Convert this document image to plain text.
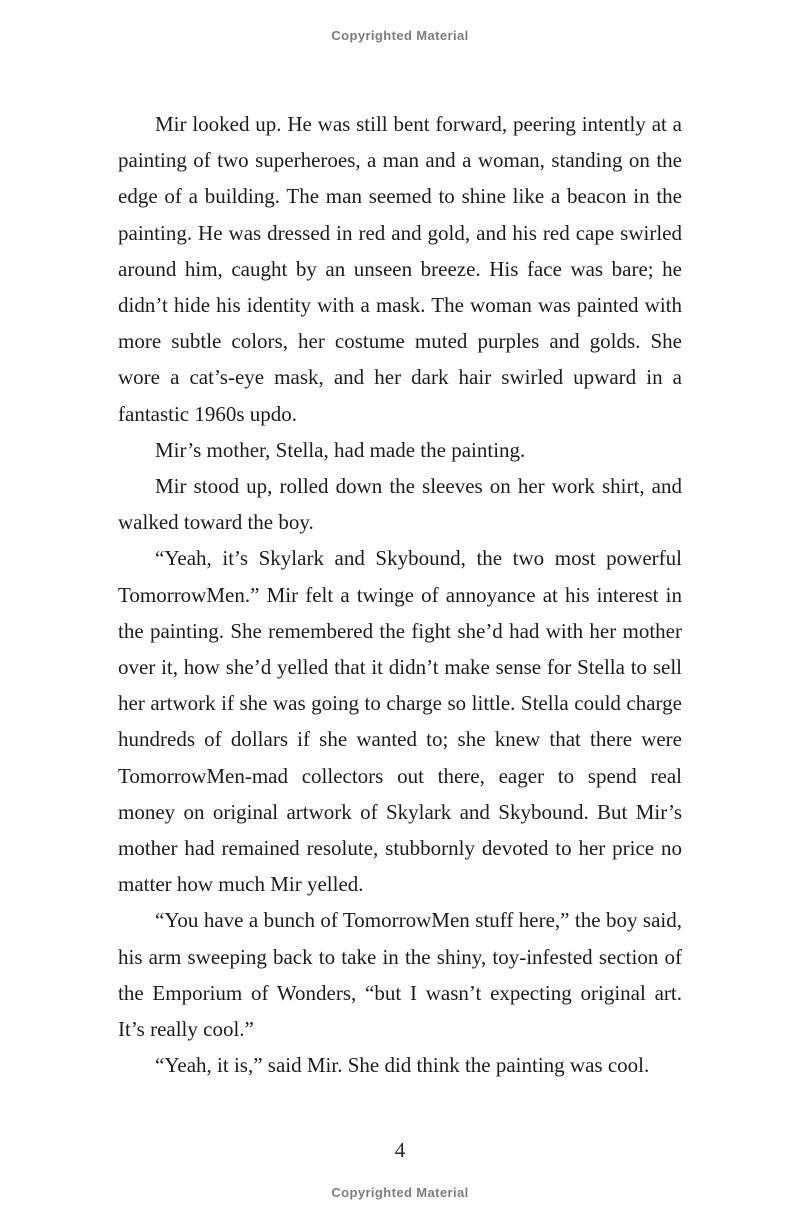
Copyrighted Material

Mir looked up. He was still bent forward, peering intently at a painting of two superheroes, a man and a woman, standing on the edge of a building. The man seemed to shine like a beacon in the painting. He was dressed in red and gold, and his red cape swirled around him, caught by an unseen breeze. His face was bare; he didn’t hide his identity with a mask. The woman was painted with more subtle colors, her costume muted purples and golds. She wore a cat’s-eye mask, and her dark hair swirled upward in a fantastic 1960s updo.

Mir’s mother, Stella, had made the painting.

Mir stood up, rolled down the sleeves on her work shirt, and walked toward the boy.

“Yeah, it’s Skylark and Skybound, the two most powerful TomorrowMen.” Mir felt a twinge of annoyance at his interest in the painting. She remembered the fight she’d had with her mother over it, how she’d yelled that it didn’t make sense for Stella to sell her artwork if she was going to charge so little. Stella could charge hundreds of dollars if she wanted to; she knew that there were TomorrowMen-mad collectors out there, eager to spend real money on original artwork of Skylark and Skybound. But Mir’s mother had remained resolute, stubbornly devoted to her price no matter how much Mir yelled.

“You have a bunch of TomorrowMen stuff here,” the boy said, his arm sweeping back to take in the shiny, toy-infested section of the Emporium of Wonders, “but I wasn’t expecting original art. It’s really cool.”

“Yeah, it is,” said Mir. She did think the painting was cool.

4
Copyrighted Material
